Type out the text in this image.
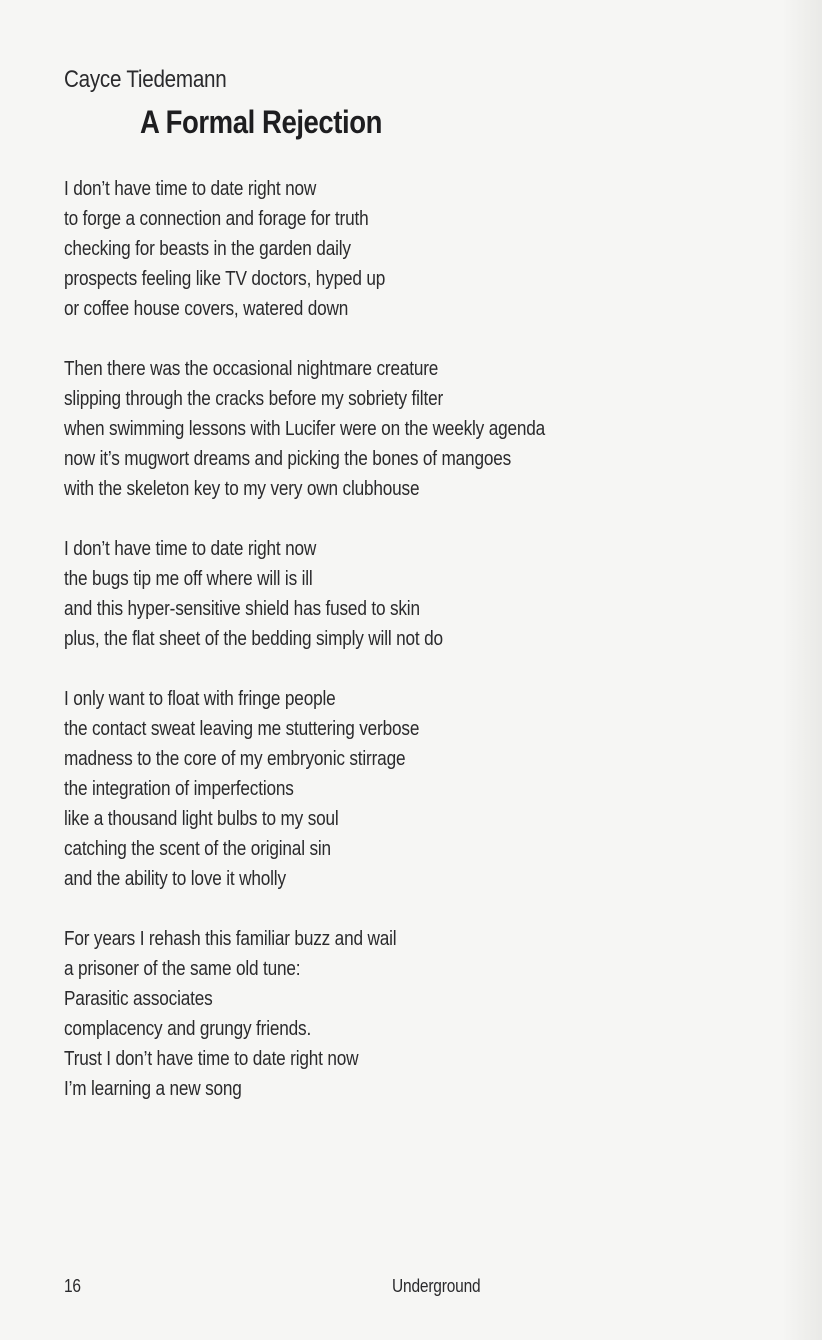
Cayce Tiedemann
A Formal Rejection
I don’t have time to date right now
to forge a connection and forage for truth
checking for beasts in the garden daily
prospects feeling like TV doctors, hyped up
or coffee house covers, watered down
Then there was the occasional nightmare creature
slipping through the cracks before my sobriety filter
when swimming lessons with Lucifer were on the weekly agenda
now it’s mugwort dreams and picking the bones of mangoes
with the skeleton key to my very own clubhouse
I don’t have time to date right now
the bugs tip me off where will is ill
and this hyper-sensitive shield has fused to skin
plus, the flat sheet of the bedding simply will not do
I only want to float with fringe people
the contact sweat leaving me stuttering verbose
madness to the core of my embryonic stirrage
the integration of imperfections
like a thousand light bulbs to my soul
catching the scent of the original sin
and the ability to love it wholly
For years I rehash this familiar buzz and wail
a prisoner of the same old tune:
Parasitic associates
complacency and grungy friends.
Trust I don’t have time to date right now
I’m learning a new song
16	Underground
